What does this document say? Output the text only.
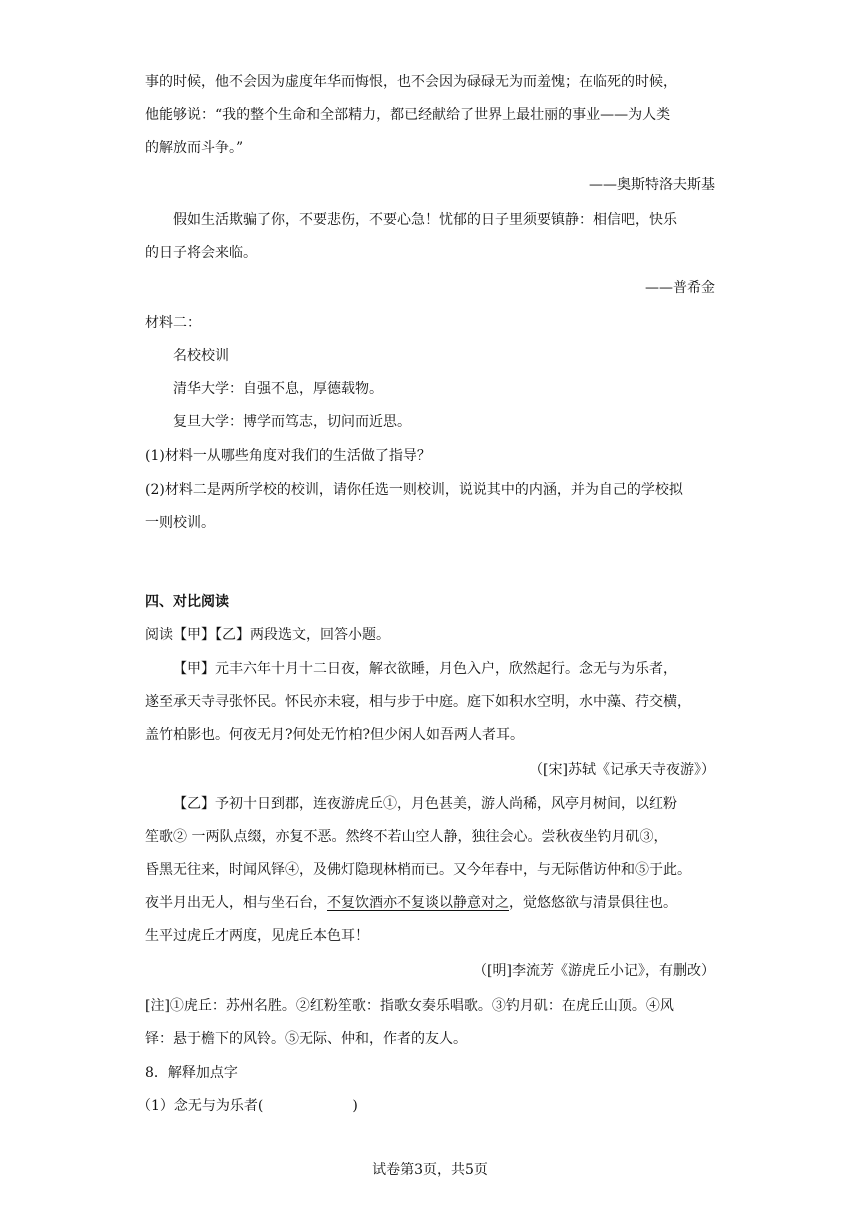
事的时候，他不会因为虚度年华而悔恨，也不会因为碌碌无为而羞愧；在临死的时候，
他能够说：“我的整个生命和全部精力，都已经献给了世界上最壮丽的事业——为人类
的解放而斗争。”
——奥斯特洛夫斯基
假如生活欺骗了你，不要悲伤，不要心急！忧郁的日子里须要镇静：相信吧，快乐
的日子将会来临。
——普希金
材料二：
名校校训
清华大学：自强不息，厚德载物。
复旦大学：博学而笃志，切问而近思。
(1)材料一从哪些角度对我们的生活做了指导？
(2)材料二是两所学校的校训，请你任选一则校训，说说其中的内涵，并为自己的学校拟
一则校训。
四、对比阅读
阅读【甲】【乙】两段选文，回答小题。
【甲】元丰六年十月十二日夜，解衣欲睡，月色入户，欣然起行。念无与为乐者，
遂至承天寺寻张怀民。怀民亦未寝，相与步于中庭。庭下如积水空明，水中藻、荇交横，
盖竹柏影也。何夜无月?何处无竹柏?但少闲人如吾两人者耳。
（[宋]苏轼《记承天寺夜游》）
【乙】予初十日到郡，连夜游虎丘①，月色甚美，游人尚稀，风亭月树间，以红粉
笙歌② 一两队点缀，亦复不恶。然终不若山空人静，独往会心。尝秋夜坐钓月矶③，
昏黑无往来，时闻风铎④，及佛灯隐现林梢而已。又今年春中，与无际偕访仲和⑤于此。
夜半月出无人，相与坐石台，不复饮酒亦不复谈以静意对之，觉悠悠欲与清景俱往也。
生平过虎丘才两度，见虎丘本色耳！
（[明]李流芳《游虎丘小记》，有删改）
[注]①虎丘：苏州名胜。②红粉笙歌：指歌女奏乐唱歌。③钓月矶：在虎丘山顶。④风
铎：悬于檐下的风铃。⑤无际、仲和，作者的友人。
8．解释加点字
（1）念无与为乐者(                    )
试卷第3页，共5页
